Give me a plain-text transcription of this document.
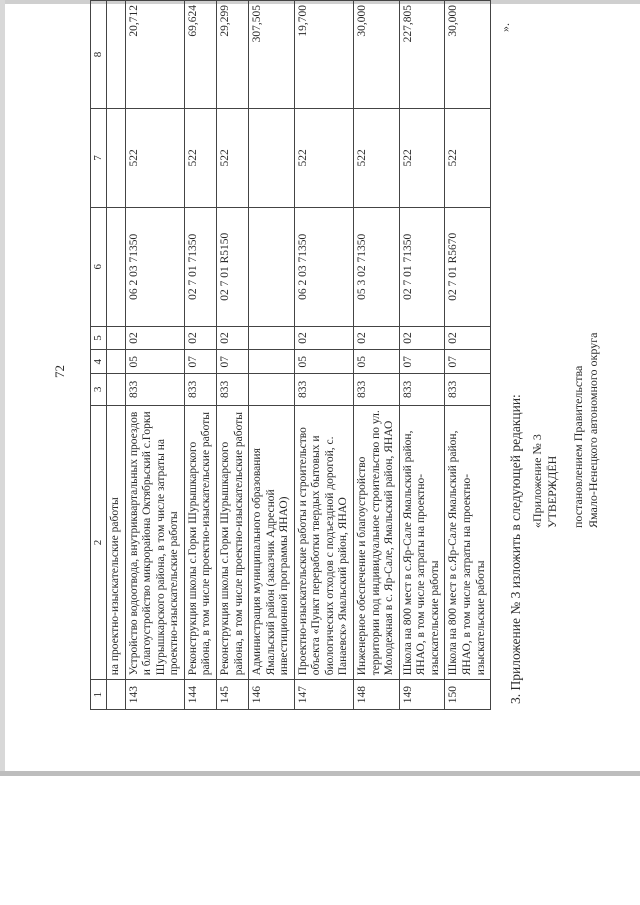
72
1	2	3	4	5	6	7	8
	на проектно-изыскательские работы						
143	Устройство водоотвода, внутриквартальных проездов и благоустройство микрорайона Октябрьский с.Горки Шурышкарского района, в том числе затраты на проектно-изыскательские работы	833	05	02	06 2 03 71350	522	20,712
144	Реконструкция школы с.Горки Шурышкарского района, в том числе проектно-изыскательские работы	833	07	02	02 7 01 71350	522	69,624
145	Реконструкция школы с.Горки Шурышкарского района, в том числе проектно-изыскательские работы	833	07	02	02 7 01 R5150	522	29,299
146	Администрация муниципального образования Ямальский район (заказчик Адресной инвестиционной программы ЯНАО)						307,505
147	Проектно-изыскательские работы и строительство объекта «Пункт переработки твердых бытовых и биологических отходов с подъездной дорогой, с. Панаевск» Ямальский район, ЯНАО	833	05	02	06 2 03 71350	522	19,700
148	Инженерное обеспечение и благоустройство территории под индивидуальное строительство по ул. Молодежная в с. Яр-Сале, Ямальский район, ЯНАО	833	05	02	05 3 02 71350	522	30,000
149	Школа на 800 мест в с.Яр-Сале Ямальский район, ЯНАО, в том числе затраты на проектно-изыскательские работы	833	07	02	02 7 01 71350	522	227,805
150	Школа на 800 мест в с.Яр-Сале Ямальский район, ЯНАО, в том числе затраты на проектно-изыскательские работы	833	07	02	02 7 01 R5670	522	30,000	».
3. Приложение № 3 изложить в следующей редакции: «Приложение № 3 УТВЕРЖДЁН постановлением Правительства Ямало-Ненецкого автономного округа
